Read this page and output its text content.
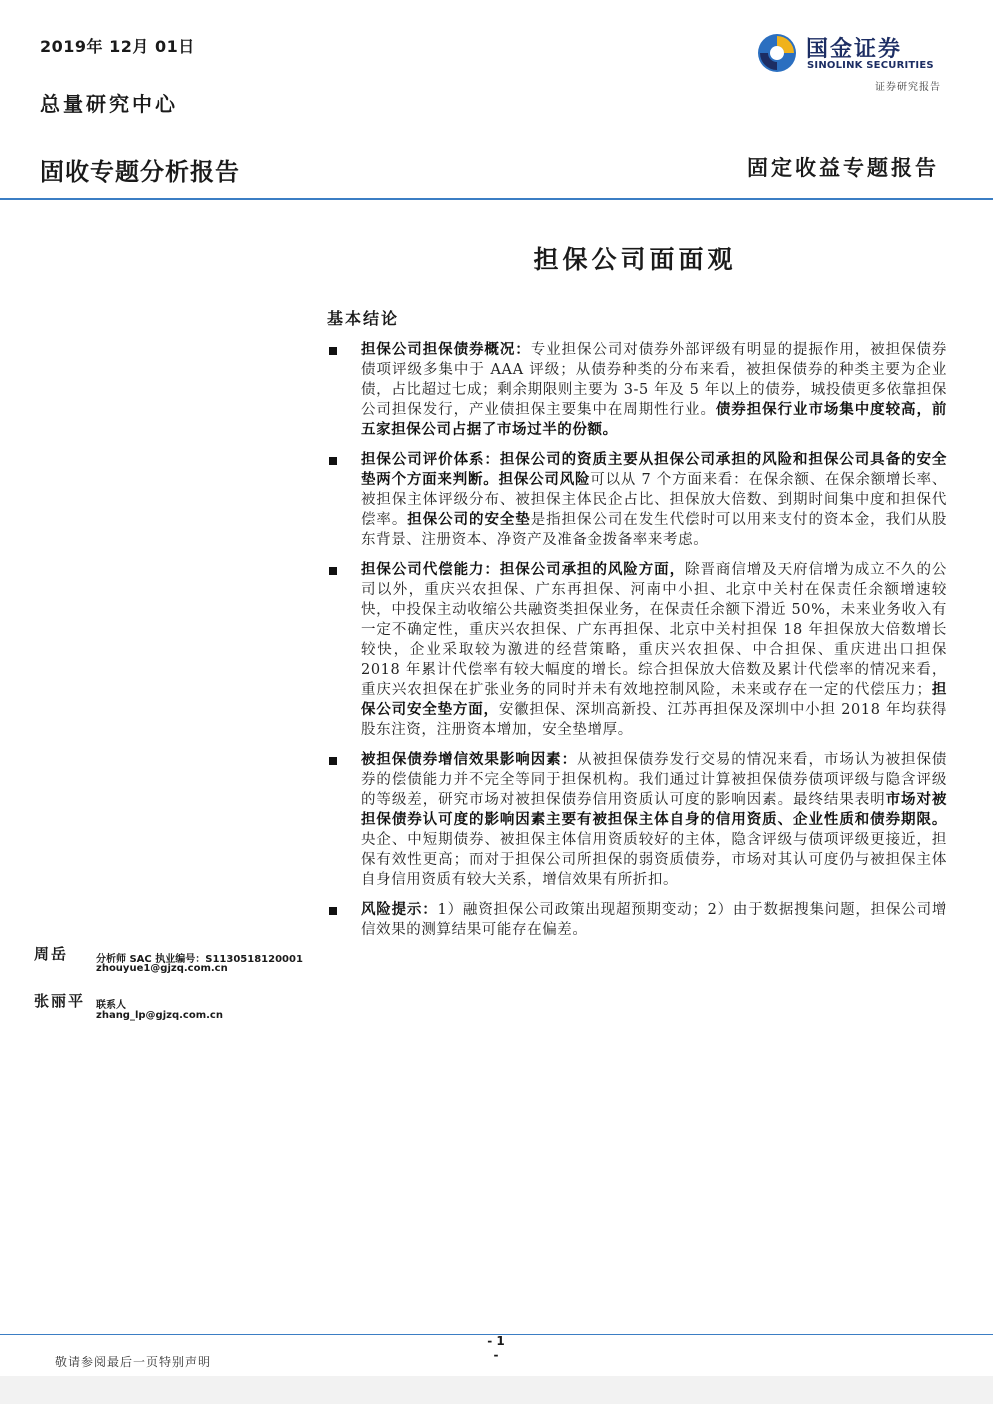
2019年 12月 01日
总量研究中心
固收专题分析报告	固定收益专题报告
国金证券
SINOLINK SECURITIES
证券研究报告
担保公司面面观
基本结论
担保公司担保债券概况：专业担保公司对债券外部评级有明显的提振作用，被担保债券债项评级多集中于 AAA 评级；从债券种类的分布来看，被担保债券的种类主要为企业债，占比超过七成；剩余期限则主要为 3-5 年及 5 年以上的债券，城投债更多依靠担保公司担保发行，产业债担保主要集中在周期性行业。债券担保行业市场集中度较高，前五家担保公司占据了市场过半的份额。
担保公司评价体系：担保公司的资质主要从担保公司承担的风险和担保公司具备的安全垫两个方面来判断。担保公司风险可以从 7 个方面来看：在保余额、在保余额增长率、被担保主体评级分布、被担保主体民企占比、担保放大倍数、到期时间集中度和担保代偿率。担保公司的安全垫是指担保公司在发生代偿时可以用来支付的资本金，我们从股东背景、注册资本、净资产及准备金拨备率来考虑。
担保公司代偿能力：担保公司承担的风险方面，除晋商信增及天府信增为成立不久的公司以外，重庆兴农担保、广东再担保、河南中小担、北京中关村在保责任余额增速较快，中投保主动收缩公共融资类担保业务，在保责任余额下滑近 50%，未来业务收入有一定不确定性，重庆兴农担保、广东再担保、北京中关村担保 18 年担保放大倍数增长较快，企业采取较为激进的经营策略，重庆兴农担保、中合担保、重庆进出口担保 2018 年累计代偿率有较大幅度的增长。综合担保放大倍数及累计代偿率的情况来看，重庆兴农担保在扩张业务的同时并未有效地控制风险，未来或存在一定的代偿压力；担保公司安全垫方面，安徽担保、深圳高新投、江苏再担保及深圳中小担 2018 年均获得股东注资，注册资本增加，安全垫增厚。
被担保债券增信效果影响因素：从被担保债券发行交易的情况来看，市场认为被担保债券的偿债能力并不完全等同于担保机构。我们通过计算被担保债券债项评级与隐含评级的等级差，研究市场对被担保债券信用资质认可度的影响因素。最终结果表明市场对被担保债券认可度的影响因素主要有被担保主体自身的信用资质、企业性质和债券期限。央企、中短期债券、被担保主体信用资质较好的主体，隐含评级与债项评级更接近，担保有效性更高；而对于担保公司所担保的弱资质债券，市场对其认可度仍与被担保主体自身信用资质有较大关系，增信效果有所折扣。
风险提示：1）融资担保公司政策出现超预期变动；2）由于数据搜集问题，担保公司增信效果的测算结果可能存在偏差。
周岳	分析师 SAC 执业编号：S1130518120001
zhouyue1@gjzq.com.cn
张丽平 联系人
zhang_lp@gjzq.com.cn
- 1 -
敬请参阅最后一页特别声明
